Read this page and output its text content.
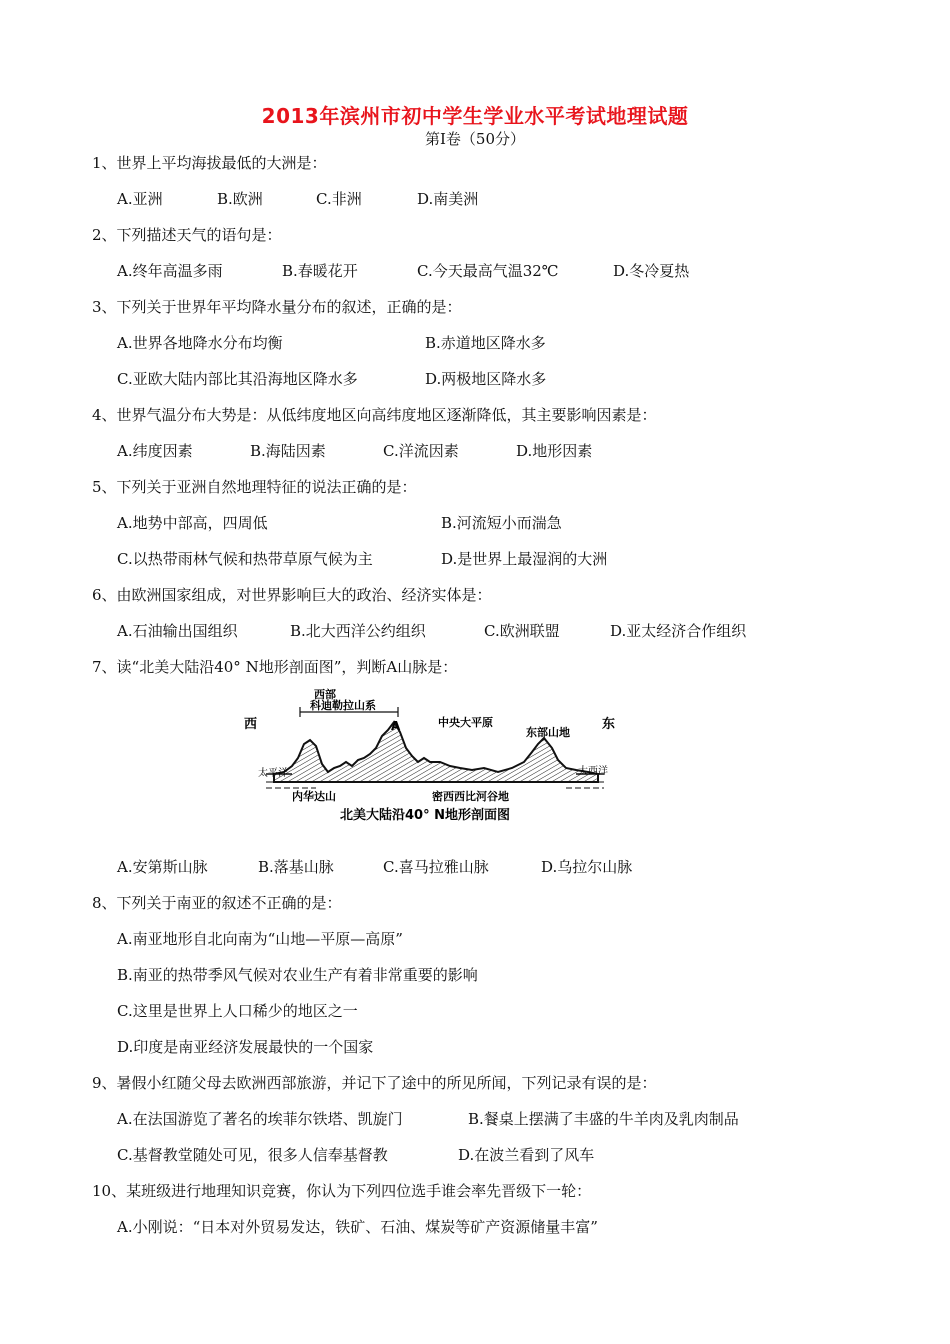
2013年滨州市初中学生学业水平考试地理试题
第Ⅰ卷（50分）
1、世界上平均海拔最低的大洲是：
A.亚洲	B.欧洲	C.非洲	D.南美洲
2、下列描述天气的语句是：
A.终年高温多雨	B.春暖花开	C.今天最高气温32℃	D.冬冷夏热
3、下列关于世界年平均降水量分布的叙述，正确的是：
A.世界各地降水分布均衡	B.赤道地区降水多
C.亚欧大陆内部比其沿海地区降水多	D.两极地区降水多
4、世界气温分布大势是：从低纬度地区向高纬度地区逐渐降低，其主要影响因素是：
A.纬度因素	B.海陆因素	C.洋流因素	D.地形因素
5、下列关于亚洲自然地理特征的说法正确的是：
A.地势中部高，四周低	B.河流短小而湍急
C.以热带雨林气候和热带草原气候为主	D.是世界上最湿润的大洲
6、由欧洲国家组成，对世界影响巨大的政治、经济实体是：
A.石油输出国组织	B.北大西洋公约组织	C.欧洲联盟	D.亚太经济合作组织
7、读“北美大陆沿40° N地形剖面图”，判断A山脉是：
西	东
西部
科迪勒拉山系
A	中央大平原
东部山地
太平洋	大西洋
内华达山	密西西比河谷地
北美大陆沿40° N地形剖面图
A.安第斯山脉	B.落基山脉	C.喜马拉雅山脉	D.乌拉尔山脉
8、下列关于南亚的叙述不正确的是：
A.南亚地形自北向南为“山地—平原—高原”
B.南亚的热带季风气候对农业生产有着非常重要的影响
C.这里是世界上人口稀少的地区之一
D.印度是南亚经济发展最快的一个国家
9、暑假小红随父母去欧洲西部旅游，并记下了途中的所见所闻，下列记录有误的是：
A.在法国游览了著名的埃菲尔铁塔、凯旋门	B.餐桌上摆满了丰盛的牛羊肉及乳肉制品
C.基督教堂随处可见，很多人信奉基督教	D.在波兰看到了风车
10、某班级进行地理知识竞赛，你认为下列四位选手谁会率先晋级下一轮：
A.小刚说：“日本对外贸易发达，铁矿、石油、煤炭等矿产资源储量丰富”
